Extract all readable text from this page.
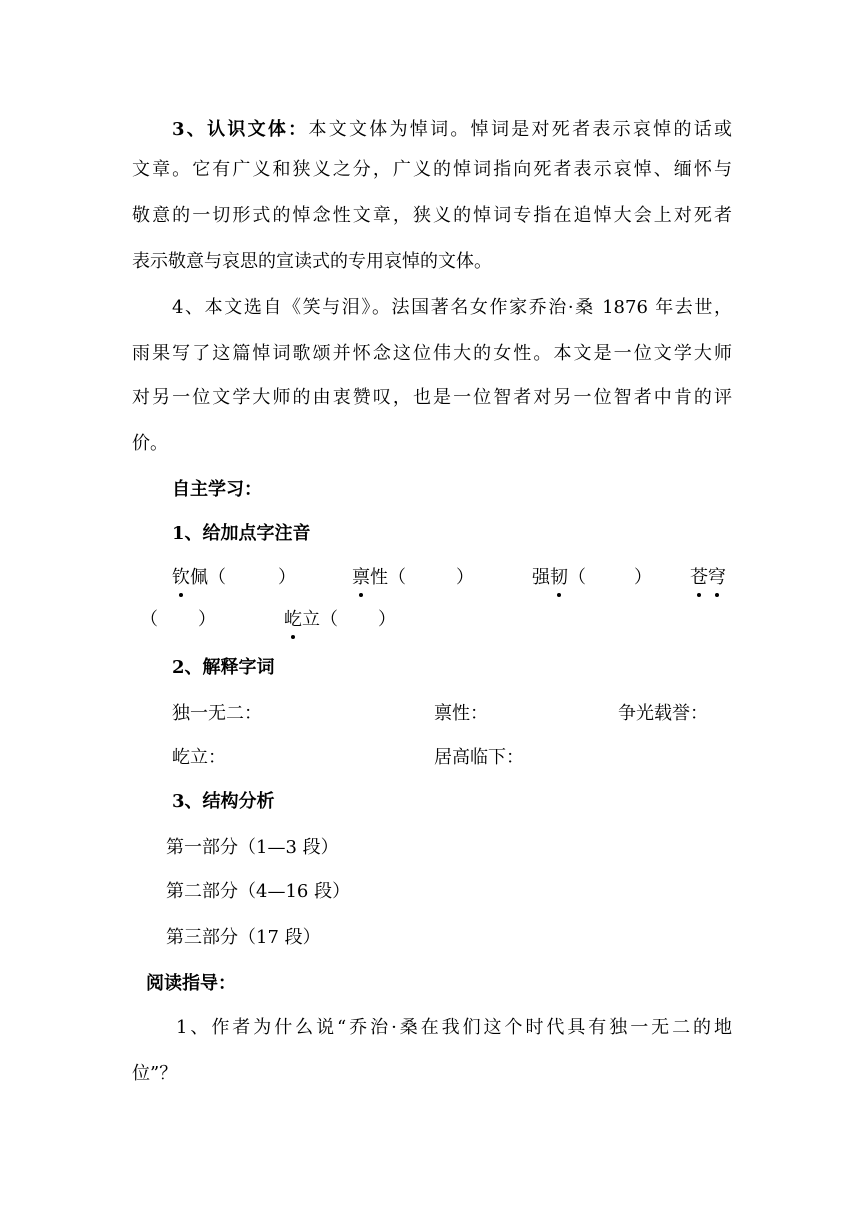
3、认识文体：本文文体为悼词。悼词是对死者表示哀悼的话或
文章。它有广义和狭义之分，广义的悼词指向死者表示哀悼、缅怀与
敬意的一切形式的悼念性文章，狭义的悼词专指在追悼大会上对死者
表示敬意与哀思的宣读式的专用哀悼的文体。
4、本文选自《笑与泪》。法国著名女作家乔治·桑 1876 年去世，
雨果写了这篇悼词歌颂并怀念这位伟大的女性。本文是一位文学大师
对另一位文学大师的由衷赞叹，也是一位智者对另一位智者中肯的评
价。
自主学习：
1、给加点字注音
钦佩（	）	禀性（	）	强韧（	） 苍穹
（ ）	屹立（ ）
2、解释字词
独一无二：	禀性：	争光载誉：
屹立：	居高临下：
3、结构分析
第一部分（1—3 段）
第二部分（4—16 段）
第三部分（17 段）
阅读指导：
1、作者为什么说“乔治·桑在我们这个时代具有独一无二的地
位”？
